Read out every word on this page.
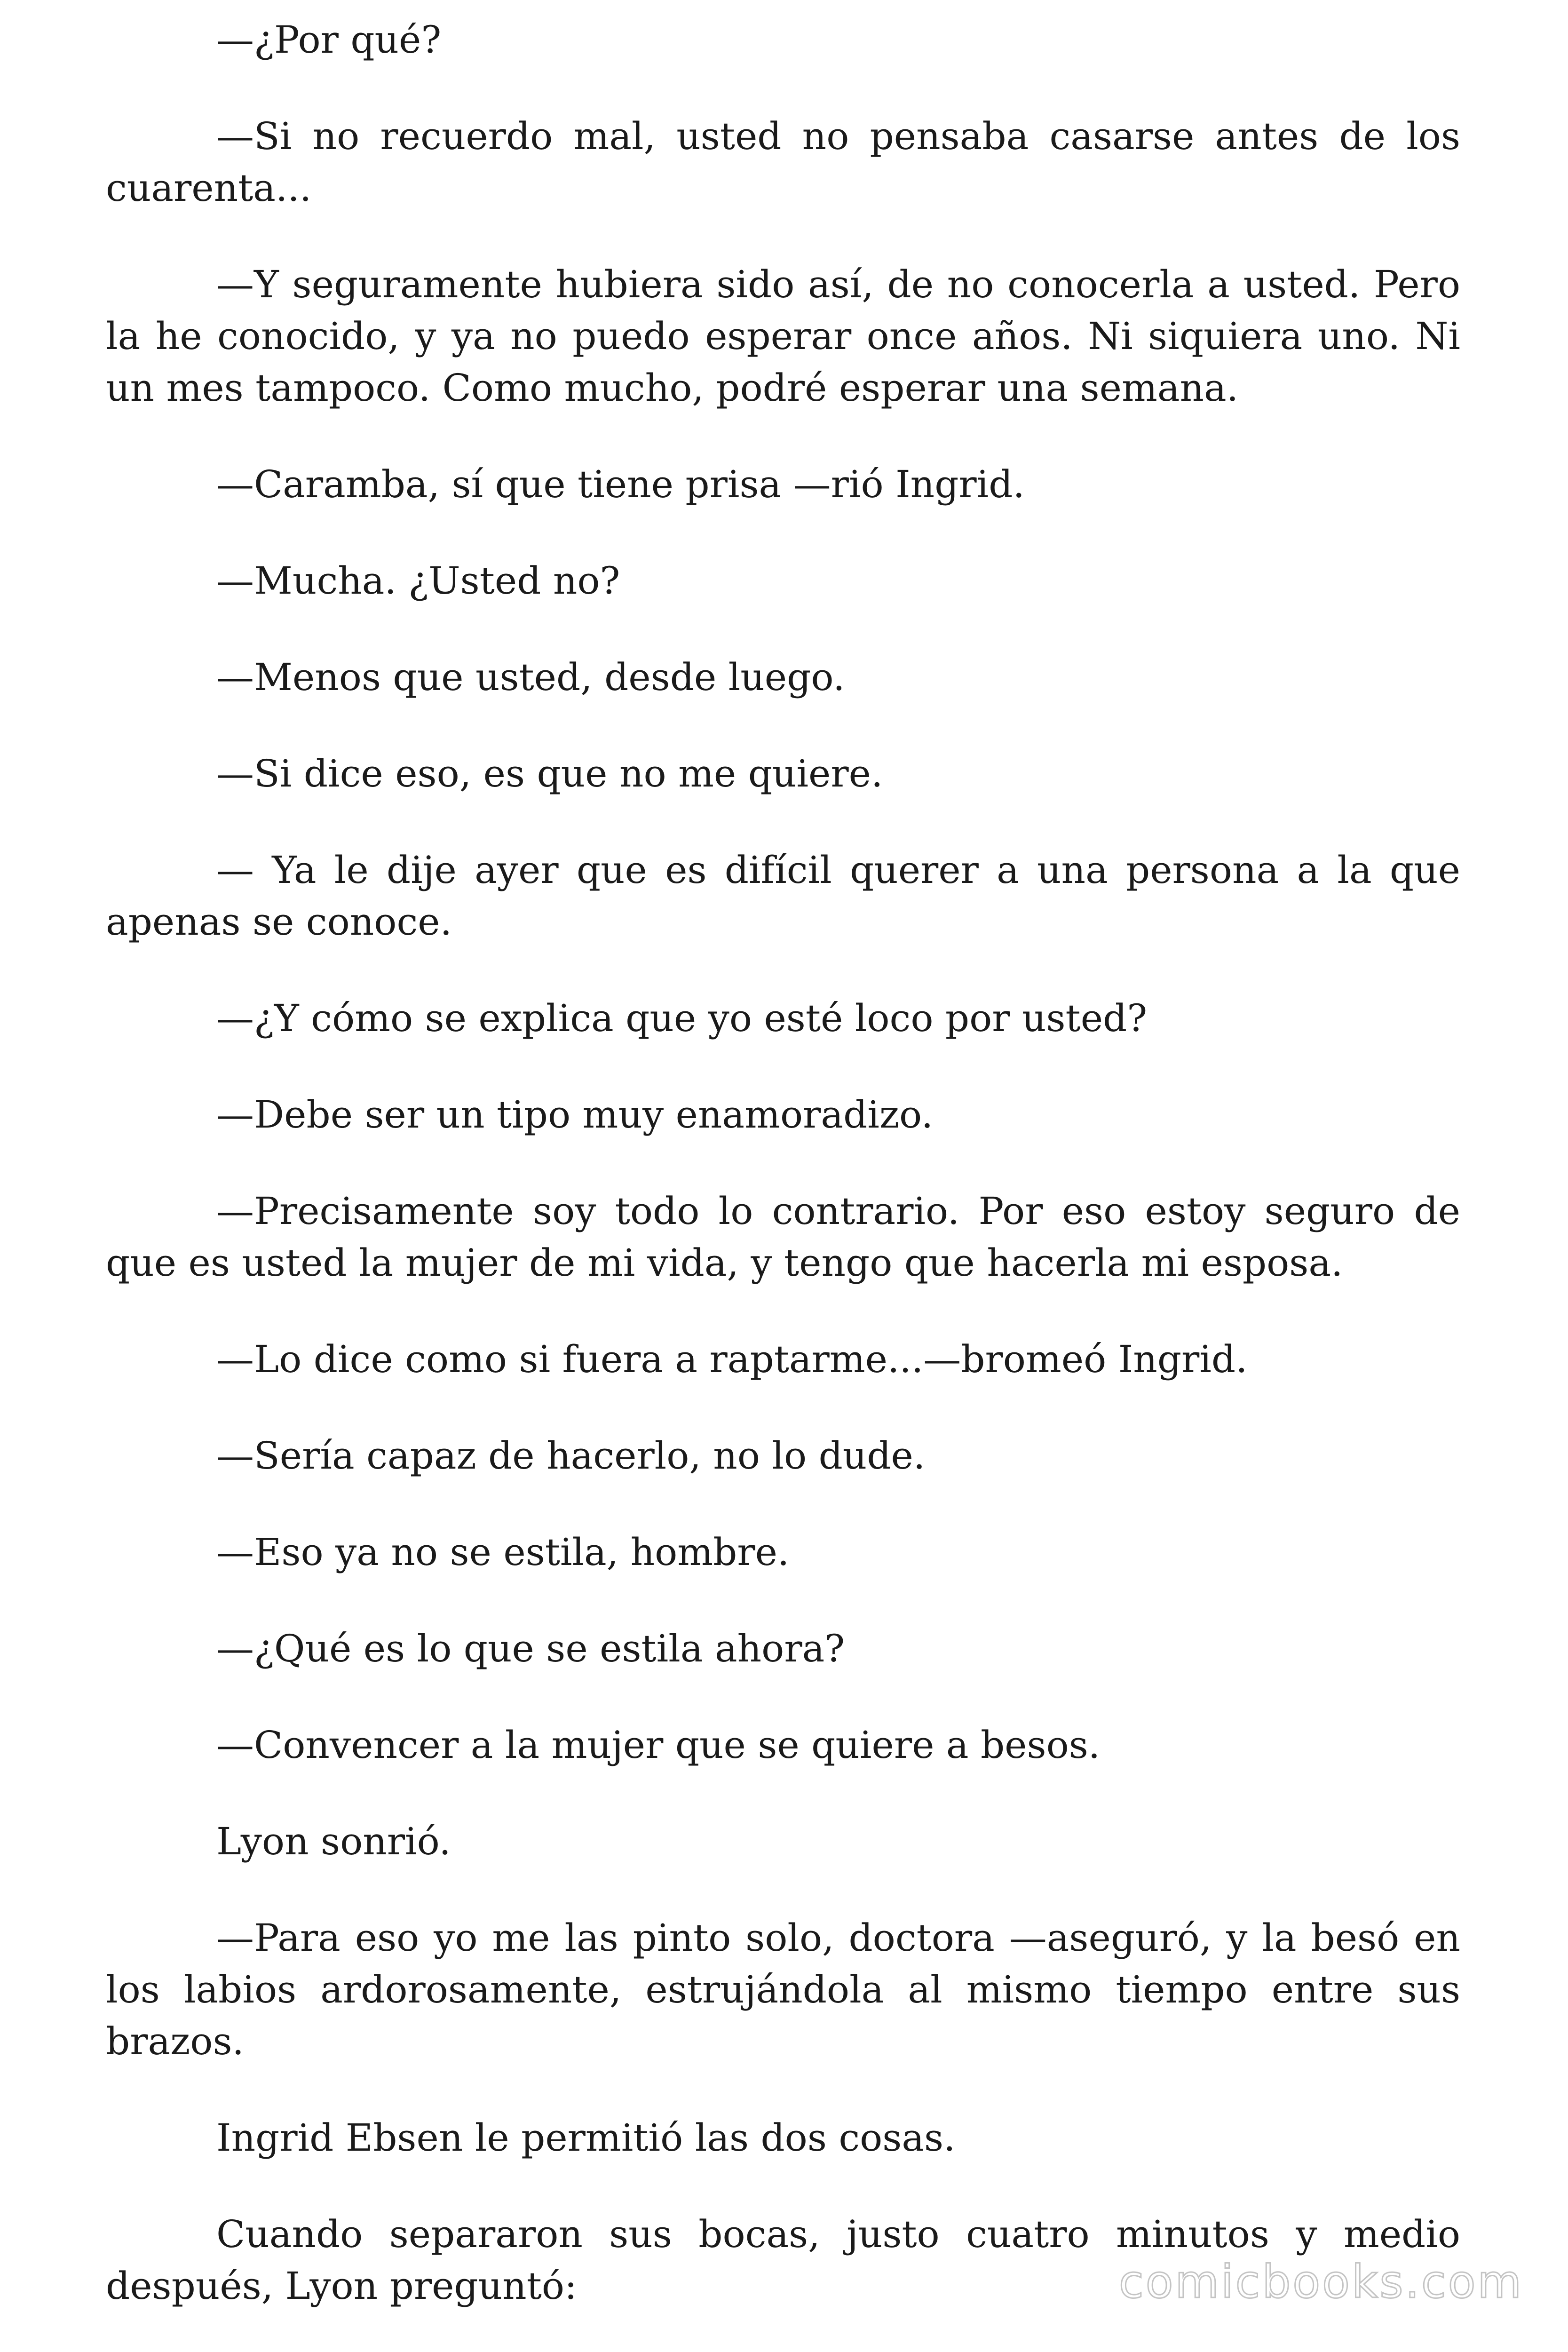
—¿Por qué?

—Si no recuerdo mal, usted no pensaba casarse antes de los cuarenta...

—Y seguramente hubiera sido así, de no conocerla a usted. Pero la he conocido, y ya no puedo esperar once años. Ni siquiera uno. Ni un mes tampoco. Como mucho, podré esperar una semana.

—Caramba, sí que tiene prisa —rió Ingrid.

—Mucha. ¿Usted no?

—Menos que usted, desde luego.

—Si dice eso, es que no me quiere.

— Ya le dije ayer que es difícil querer a una persona a la que apenas se conoce.

—¿Y cómo se explica que yo esté loco por usted?

—Debe ser un tipo muy enamoradizo.

—Precisamente soy todo lo contrario. Por eso estoy seguro de que es usted la mujer de mi vida, y tengo que hacerla mi esposa.

—Lo dice como si fuera a raptarme...—bromeó Ingrid.

—Sería capaz de hacerlo, no lo dude.

—Eso ya no se estila, hombre.

—¿Qué es lo que se estila ahora?

—Convencer a la mujer que se quiere a besos.

Lyon sonrió.

—Para eso yo me las pinto solo, doctora —aseguró, y la besó en los labios ardorosamente, estrujándola al mismo tiempo entre sus brazos.

Ingrid Ebsen le permitió las dos cosas.

Cuando separaron sus bocas, justo cuatro minutos y medio después, Lyon preguntó:	comicbooks.com
